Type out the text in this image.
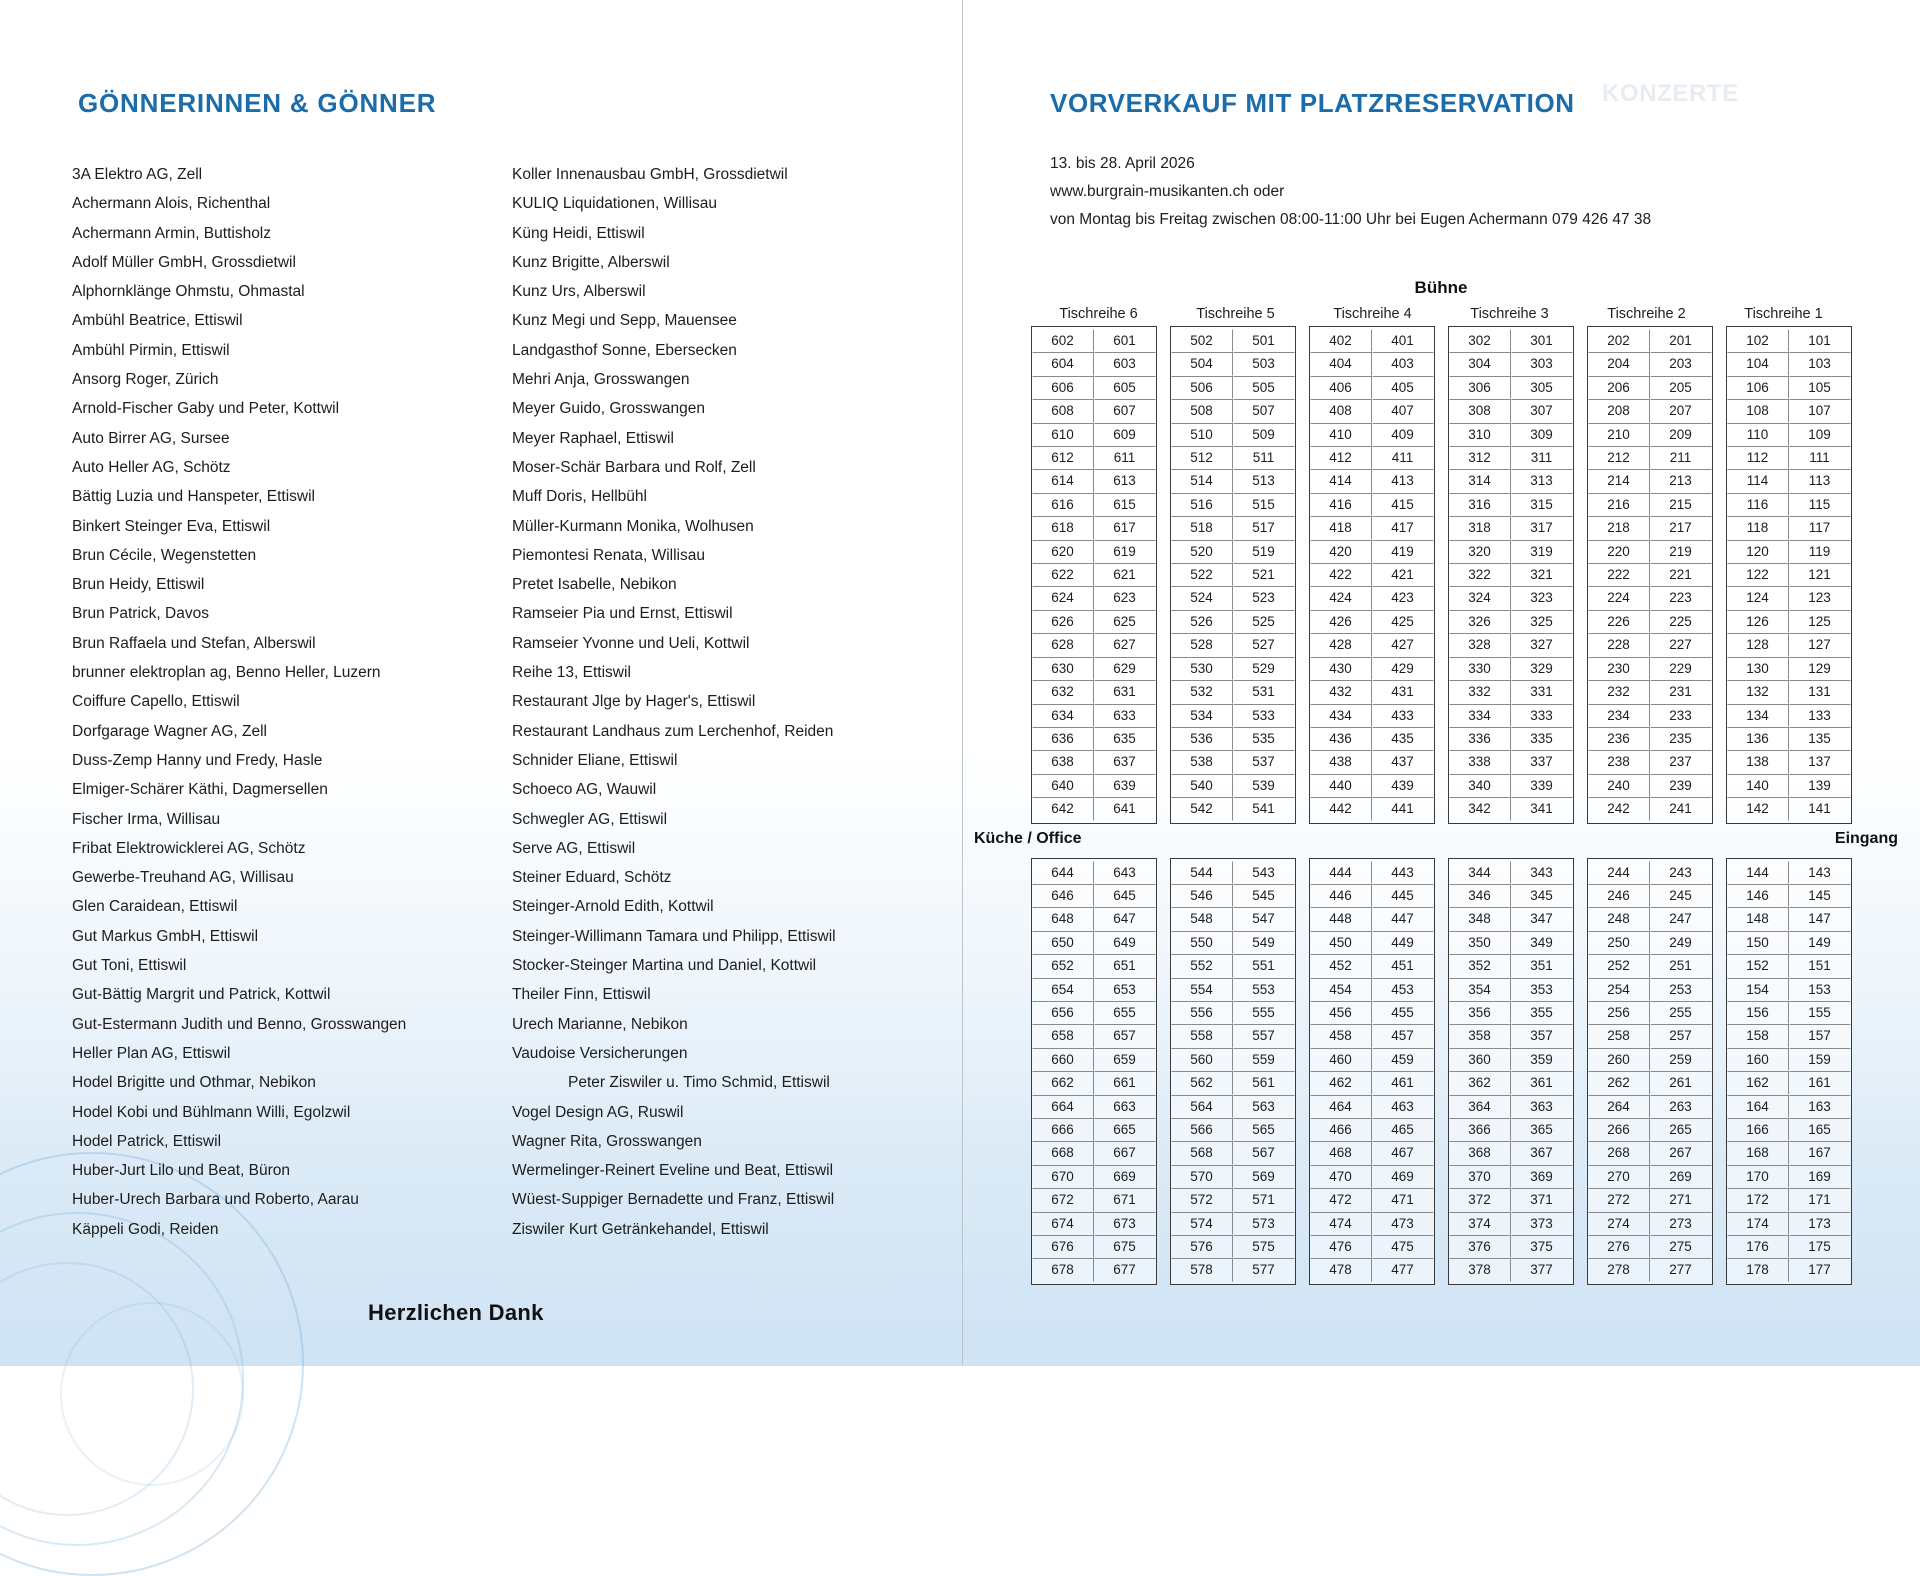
GÖNNERINNEN & GÖNNER
3A Elektro AG, Zell
Achermann Alois, Richenthal
Achermann Armin, Buttisholz
Adolf Müller GmbH, Grossdietwil
Alphornklänge Ohmstu, Ohmastal
Ambühl Beatrice, Ettiswil
Ambühl Pirmin, Ettiswil
Ansorg Roger, Zürich
Arnold-Fischer Gaby und Peter, Kottwil
Auto Birrer AG, Sursee
Auto Heller AG, Schötz
Bättig Luzia und Hanspeter, Ettiswil
Binkert Steinger Eva, Ettiswil
Brun Cécile, Wegenstetten
Brun Heidy, Ettiswil
Brun Patrick, Davos
Brun Raffaela und Stefan, Alberswil
brunner elektroplan ag, Benno Heller, Luzern
Coiffure Capello, Ettiswil
Dorfgarage Wagner AG, Zell
Duss-Zemp Hanny und Fredy, Hasle
Elmiger-Schärer Käthi, Dagmersellen
Fischer Irma, Willisau
Fribat Elektrowicklerei AG, Schötz
Gewerbe-Treuhand AG, Willisau
Glen Caraidean, Ettiswil
Gut Markus GmbH, Ettiswil
Gut Toni, Ettiswil
Gut-Bättig Margrit und Patrick, Kottwil
Gut-Estermann Judith und Benno, Grosswangen
Heller Plan AG, Ettiswil
Hodel Brigitte und Othmar, Nebikon
Hodel Kobi und Bühlmann Willi, Egolzwil
Hodel Patrick, Ettiswil
Huber-Jurt Lilo und Beat, Büron
Huber-Urech Barbara und Roberto, Aarau
Käppeli Godi, Reiden
Koller Innenausbau GmbH, Grossdietwil
KULIQ Liquidationen, Willisau
Küng Heidi, Ettiswil
Kunz Brigitte, Alberswil
Kunz Urs, Alberswil
Kunz Megi und Sepp, Mauensee
Landgasthof Sonne, Ebersecken
Mehri Anja, Grosswangen
Meyer Guido, Grosswangen
Meyer Raphael, Ettiswil
Moser-Schär Barbara und Rolf, Zell
Muff Doris, Hellbühl
Müller-Kurmann Monika, Wolhusen
Piemontesi Renata, Willisau
Pretet Isabelle, Nebikon
Ramseier Pia und Ernst, Ettiswil
Ramseier Yvonne und Ueli, Kottwil
Reihe 13, Ettiswil
Restaurant Jlge by Hager's, Ettiswil
Restaurant Landhaus zum Lerchenhof, Reiden
Schnider Eliane, Ettiswil
Schoeco AG, Wauwil
Schwegler AG, Ettiswil
Serve AG, Ettiswil
Steiner Eduard, Schötz
Steinger-Arnold Edith, Kottwil
Steinger-Willimann Tamara und Philipp, Ettiswil
Stocker-Steinger Martina und Daniel, Kottwil
Theiler Finn, Ettiswil
Urech Marianne, Nebikon
Vaudoise Versicherungen
Peter Ziswiler u. Timo Schmid, Ettiswil
Vogel Design AG, Ruswil
Wagner Rita, Grosswangen
Wermelinger-Reinert Eveline und Beat, Ettiswil
Wüest-Suppiger Bernadette und Franz, Ettiswil
Ziswiler Kurt Getränkehandel, Ettiswil
Herzlichen Dank
VORVERKAUF MIT PLATZRESERVATION KONZERTE
13. bis 28. April 2026
www.burgrain-musikanten.ch oder
von Montag bis Freitag zwischen 08:00-11:00 Uhr bei Eugen Achermann 079 426 47 38
Bühne
Tischreihe 6	Tischreihe 5	Tischreihe 4	Tischreihe 3	Tischreihe 2	Tischreihe 1
602	601
604	603
606	605
608	607
610	609
612	611
614	613
616	615
618	617
620	619
622	621
624	623
626	625
628	627
630	629
632	631
634	633
636	635
638	637
640	639
642	641
502	501
504	503
506	505
508	507
510	509
512	511
514	513
516	515
518	517
520	519
522	521
524	523
526	525
528	527
530	529
532	531
534	533
536	535
538	537
540	539
542	541
402	401
404	403
406	405
408	407
410	409
412	411
414	413
416	415
418	417
420	419
422	421
424	423
426	425
428	427
430	429
432	431
434	433
436	435
438	437
440	439
442	441
302	301
304	303
306	305
308	307
310	309
312	311
314	313
316	315
318	317
320	319
322	321
324	323
326	325
328	327
330	329
332	331
334	333
336	335
338	337
340	339
342	341
202	201
204	203
206	205
208	207
210	209
212	211
214	213
216	215
218	217
220	219
222	221
224	223
226	225
228	227
230	229
232	231
234	233
236	235
238	237
240	239
242	241
102	101
104	103
106	105
108	107
110	109
112	111
114	113
116	115
118	117
120	119
122	121
124	123
126	125
128	127
130	129
132	131
134	133
136	135
138	137
140	139
142	141
Küche / Office	Eingang
644	643
646	645
648	647
650	649
652	651
654	653
656	655
658	657
660	659
662	661
664	663
666	665
668	667
670	669
672	671
674	673
676	675
678	677
544	543
546	545
548	547
550	549
552	551
554	553
556	555
558	557
560	559
562	561
564	563
566	565
568	567
570	569
572	571
574	573
576	575
578	577
444	443
446	445
448	447
450	449
452	451
454	453
456	455
458	457
460	459
462	461
464	463
466	465
468	467
470	469
472	471
474	473
476	475
478	477
344	343
346	345
348	347
350	349
352	351
354	353
356	355
358	357
360	359
362	361
364	363
366	365
368	367
370	369
372	371
374	373
376	375
378	377
244	243
246	245
248	247
250	249
252	251
254	253
256	255
258	257
260	259
262	261
264	263
266	265
268	267
270	269
272	271
274	273
276	275
278	277
144	143
146	145
148	147
150	149
152	151
154	153
156	155
158	157
160	159
162	161
164	163
166	165
168	167
170	169
172	171
174	173
176	175
178	177
